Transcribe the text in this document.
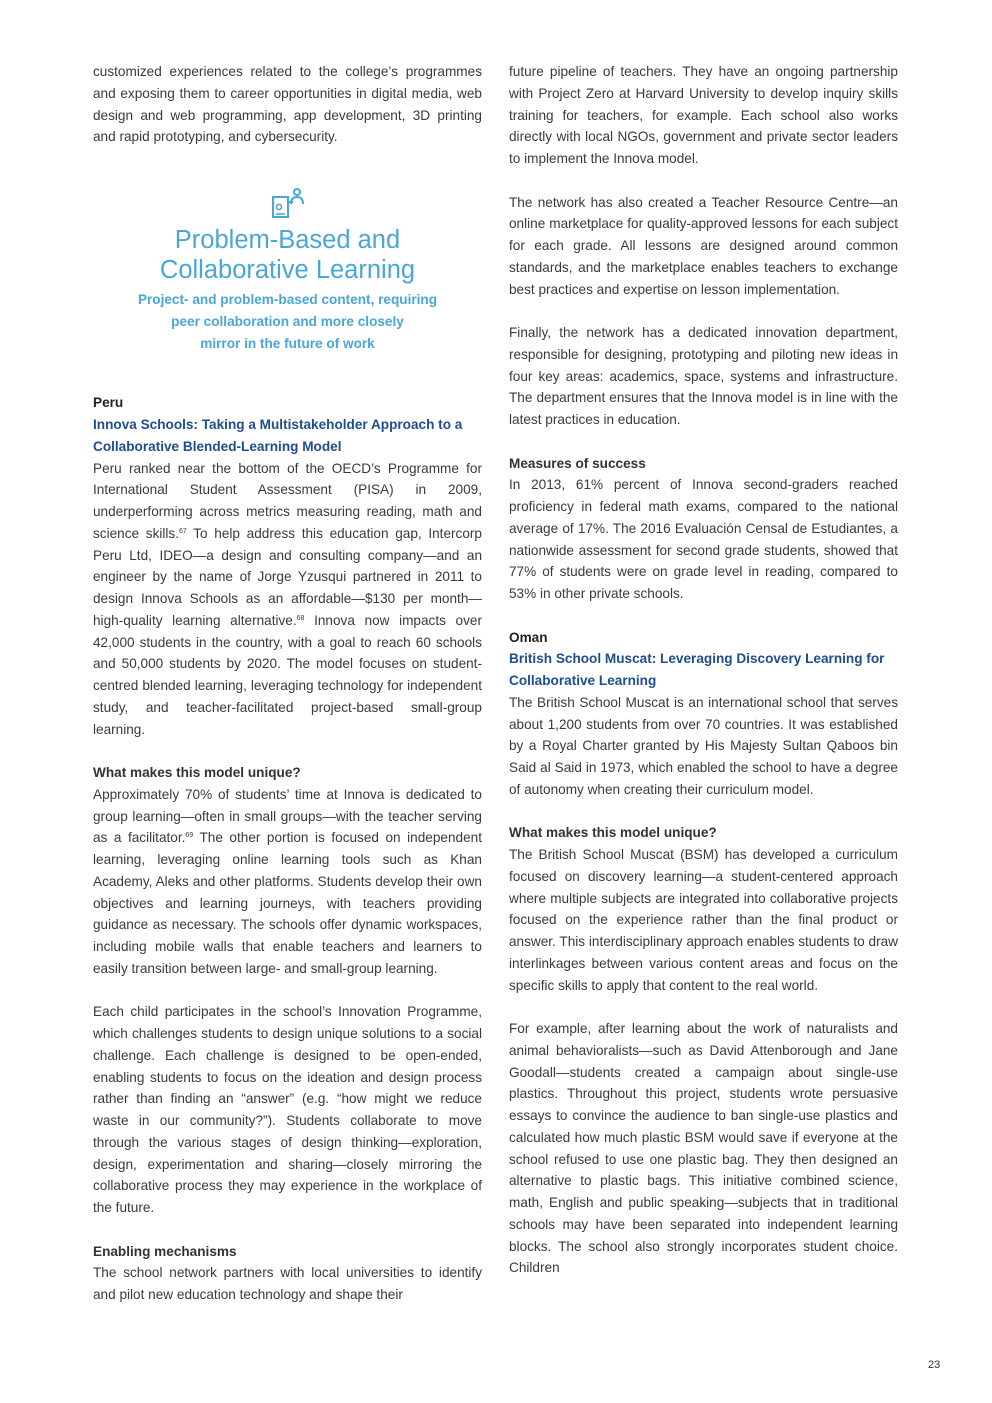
customized experiences related to the college’s programmes and exposing them to career opportunities in digital media, web design and web programming, app development, 3D printing and rapid prototyping, and cybersecurity.

Problem-Based and
Collaborative Learning
Project- and problem-based content, requiring
peer collaboration and more closely
mirror in the future of work

Peru

Innova Schools: Taking a Multistakeholder Approach to a Collaborative Blended-Learning Model

Peru ranked near the bottom of the OECD’s Programme for International Student Assessment (PISA) in 2009, underperforming across metrics measuring reading, math and science skills.$^{67}$ To help address this education gap, Intercorp Peru Ltd, IDEO—a design and consulting company—and an engineer by the name of Jorge Yzusqui partnered in 2011 to design Innova Schools as an affordable—$130 per month—high-quality learning alternative.$^{68}$ Innova now impacts over 42,000 students in the country, with a goal to reach 60 schools and 50,000 students by 2020. The model focuses on student-centred blended learning, leveraging technology for independent study, and teacher-facilitated project-based small-group learning.

What makes this model unique?

Approximately 70% of students’ time at Innova is dedicated to group learning—often in small groups—with the teacher serving as a facilitator.$^{69}$ The other portion is focused on independent learning, leveraging online learning tools such as Khan Academy, Aleks and other platforms. Students develop their own objectives and learning journeys, with teachers providing guidance as necessary. The schools offer dynamic workspaces, including mobile walls that enable teachers and learners to easily transition between large- and small-group learning.

Each child participates in the school’s Innovation Programme, which challenges students to design unique solutions to a social challenge. Each challenge is designed to be open-ended, enabling students to focus on the ideation and design process rather than finding an “answer” (e.g. “how might we reduce waste in our community?”). Students collaborate to move through the various stages of design thinking—exploration, design, experimentation and sharing—closely mirroring the collaborative process they may experience in the workplace of the future.

Enabling mechanisms

The school network partners with local universities to identify and pilot new education technology and shape their

future pipeline of teachers. They have an ongoing partnership with Project Zero at Harvard University to develop inquiry skills training for teachers, for example. Each school also works directly with local NGOs, government and private sector leaders to implement the Innova model.

The network has also created a Teacher Resource Centre—an online marketplace for quality-approved lessons for each subject for each grade. All lessons are designed around common standards, and the marketplace enables teachers to exchange best practices and expertise on lesson implementation.

Finally, the network has a dedicated innovation department, responsible for designing, prototyping and piloting new ideas in four key areas: academics, space, systems and infrastructure. The department ensures that the Innova model is in line with the latest practices in education.

Measures of success

In 2013, 61% percent of Innova second-graders reached proficiency in federal math exams, compared to the national average of 17%. The 2016 Evaluación Censal de Estudiantes, a nationwide assessment for second grade students, showed that 77% of students were on grade level in reading, compared to 53% in other private schools.

Oman

British School Muscat: Leveraging Discovery Learning for Collaborative Learning

The British School Muscat is an international school that serves about 1,200 students from over 70 countries. It was established by a Royal Charter granted by His Majesty Sultan Qaboos bin Said al Said in 1973, which enabled the school to have a degree of autonomy when creating their curriculum model.

What makes this model unique?

The British School Muscat (BSM) has developed a curriculum focused on discovery learning—a student-centered approach where multiple subjects are integrated into collaborative projects focused on the experience rather than the final product or answer. This interdisciplinary approach enables students to draw interlinkages between various content areas and focus on the specific skills to apply that content to the real world.

For example, after learning about the work of naturalists and animal behavioralists—such as David Attenborough and Jane Goodall—students created a campaign about single-use plastics. Throughout this project, students wrote persuasive essays to convince the audience to ban single-use plastics and calculated how much plastic BSM would save if everyone at the school refused to use one plastic bag. They then designed an alternative to plastic bags. This initiative combined science, math, English and public speaking—subjects that in traditional schools may have been separated into independent learning blocks. The school also strongly incorporates student choice. Children

23
